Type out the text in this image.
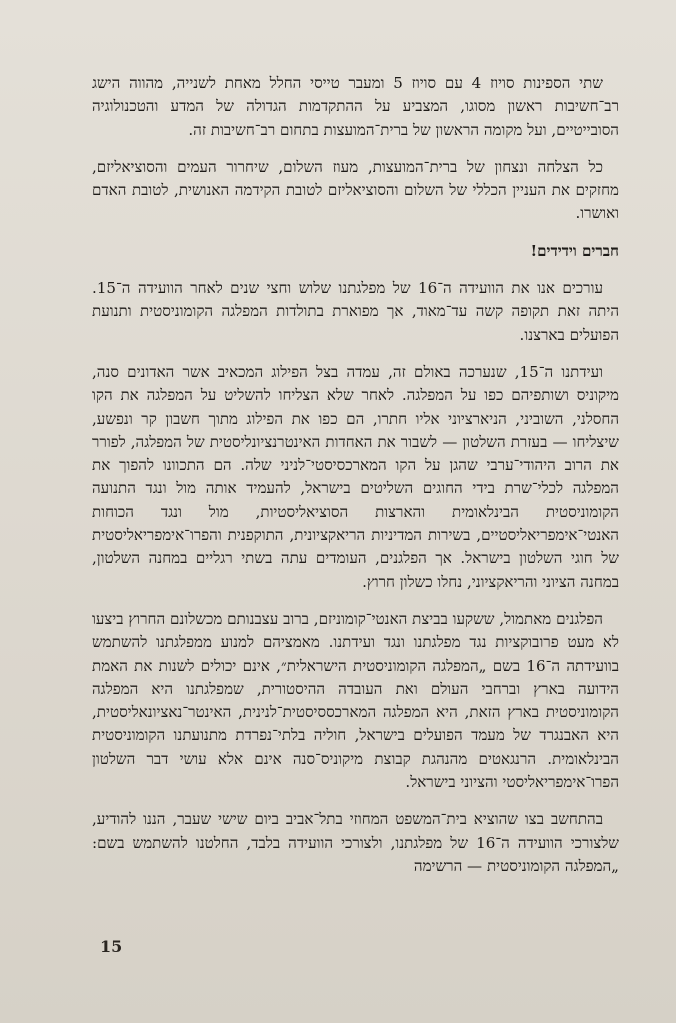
שתי הספינות סויוז 4 עם סויוז 5 ומעבר טייסי החלל מאחת לשנייה, מהווה הישג רב־חשיבות ראשון מסוגו, המצביע על ההתקדמות הגדולה של המדע והטכנולוגיה הסובייטיים, ועל מקומה הראשון של ברית־המועצות בתחום רב־חשיבות זה.

כל הצלחה ונצחון של ברית־המועצות, מעוז השלום, שיחרור העמים והסוציאליזם, מחזקים את העניין הכללי של השלום והסוציאליזם לטובת הקידמה האנושית, לטובת האדם ואושרו.

חברים וידידים!

עורכים אנו את הוועידה ה־16 של מפלגתנו שלוש וחצי שנים לאחר הוועידה ה־15. היתה זאת תקופה קשה עד־מאוד, אך מפוארת בתולדות המפלגה הקומוניסטית ותנועת הפועלים בארצנו.

ועידתנו ה־15, שנערכה באולם זה, עמדה בצל הפילוג המכאיב אשר האדונים סנה, מיקוניס ושותפיהם כפו על המפלגה. לאחר שלא הצליחו להשליט על המפלגה את הקו החסלני, השוביני, הניארציוני אליו חתרו, הם כפו את הפילוג מתוך חשבון קר ונפשע, שיצליחו — בעזרת השלטון — לשבור את האחדות האינטרנציונליסטית של המפלגה, לפורר את הרוב היהודי־ערבי שהגן על הקו המארכסיסטי־לניני שלה. הם התכוונו להפוך את המפלגה לכלי־שרת בידי החוגים השליטים בישראל, להעמיד אותה מול ונגד התנועה הקומוניסטית הבינלאומית והארצות הסוציאליסטיות, מול ונגד הכוחות האנטי־אימפריאליסטיים, בשירות המדיניות הריאקציונית, התוקפנית והפרו־אימפריאליסטית של חוגי השלטון בישראל. אך הפלגנים, העומדים עתה בשתי רגליים במחנה השלטון, במחנה הציוני והריאקציוני, נחלו כשלון חרוץ.

הפלגנים מאתמול, ששקעו בביצת האנטי־קומוניזם, ברוב עצבנותם מכשלונם החרוץ ביצעו לא מעט פרובוקציות נגד מפלגתנו ונגד ועידתנו. מאמציהם למנוע ממפלגתנו להשתמש בוועידתה ה־16 בשם „המפלגה הקומוניסטית הישראלית״, אינם יכולים לשנות את האמת הידועה בארץ וברחבי העולם ואת העובדה ההיסטורית, שמפלגתנו היא המפלגה הקומוניסטית בארץ הזאת, היא המפלגה המארכססיסטית־לנינית, האינטר־נאציונאליסטית, היא האבנגרד של מעמד הפועלים בישראל, חוליה בלתי־נפרדת מתנועתנו הקומוניסטית הבינלאומית. הרנגאטים מהנהגת קבוצת מיקוניס־סנה אינם אלא עושי דבר השלטון הפרו־אימפריאליסטי והציוני בישראל.

בהתחשב בצו שהוציא בית־המשפט המחוזי בתל־אביב ביום שישי שעבר, הננו להודיע, שלצורכי הוועידה ה־16 של מפלגתנו, ולצורכי הוועידה בלבד, החלטנו להשתמש בשם: „המפלגה הקומוניסטית — הרשימה

15
